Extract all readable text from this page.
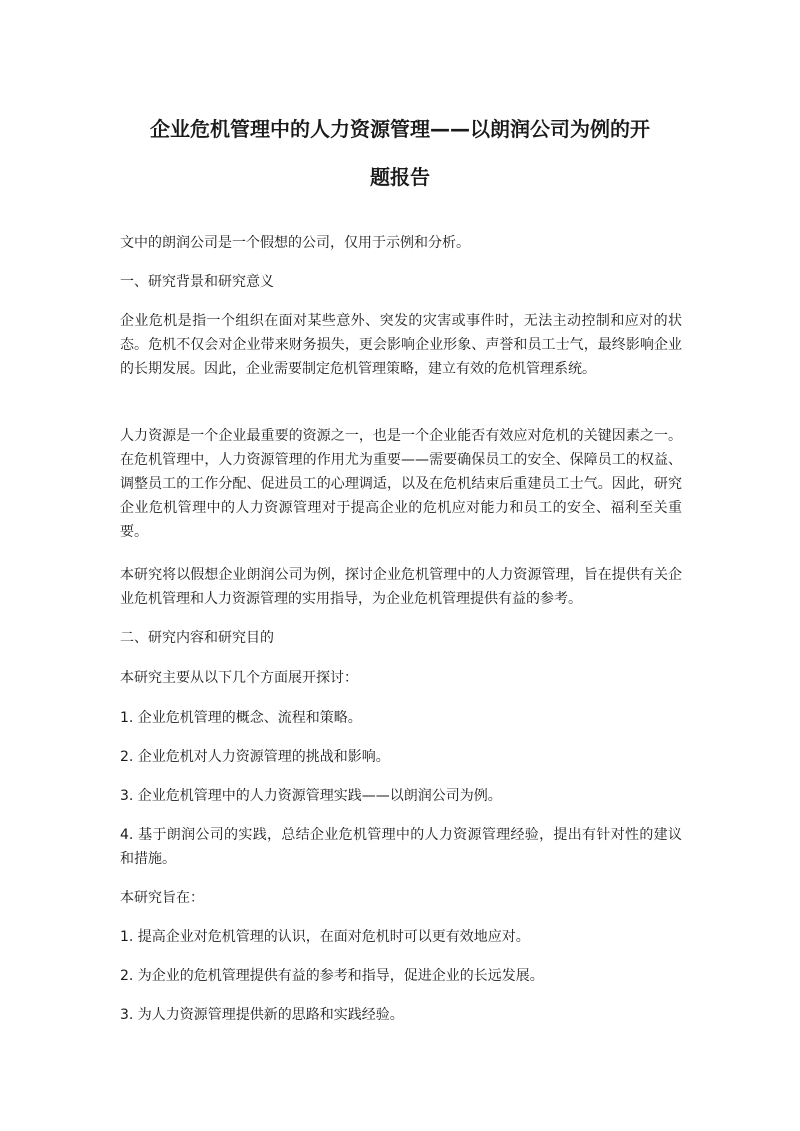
企业危机管理中的人力资源管理——以朗润公司为例的开
题报告

文中的朗润公司是一个假想的公司，仅用于示例和分析。

一、研究背景和研究意义

企业危机是指一个组织在面对某些意外、突发的灾害或事件时，无法主动控制和应对的状态。危机不仅会对企业带来财务损失，更会影响企业形象、声誉和员工士气，最终影响企业的长期发展。因此，企业需要制定危机管理策略，建立有效的危机管理系统。

人力资源是一个企业最重要的资源之一，也是一个企业能否有效应对危机的关键因素之一。在危机管理中，人力资源管理的作用尤为重要——需要确保员工的安全、保障员工的权益、调整员工的工作分配、促进员工的心理调适，以及在危机结束后重建员工士气。因此，研究企业危机管理中的人力资源管理对于提高企业的危机应对能力和员工的安全、福利至关重要。

本研究将以假想企业朗润公司为例，探讨企业危机管理中的人力资源管理，旨在提供有关企业危机管理和人力资源管理的实用指导，为企业危机管理提供有益的参考。

二、研究内容和研究目的

本研究主要从以下几个方面展开探讨：

1. 企业危机管理的概念、流程和策略。

2. 企业危机对人力资源管理的挑战和影响。

3. 企业危机管理中的人力资源管理实践——以朗润公司为例。

4. 基于朗润公司的实践，总结企业危机管理中的人力资源管理经验，提出有针对性的建议和措施。

本研究旨在：

1. 提高企业对危机管理的认识，在面对危机时可以更有效地应对。

2. 为企业的危机管理提供有益的参考和指导，促进企业的长远发展。

3. 为人力资源管理提供新的思路和实践经验。
